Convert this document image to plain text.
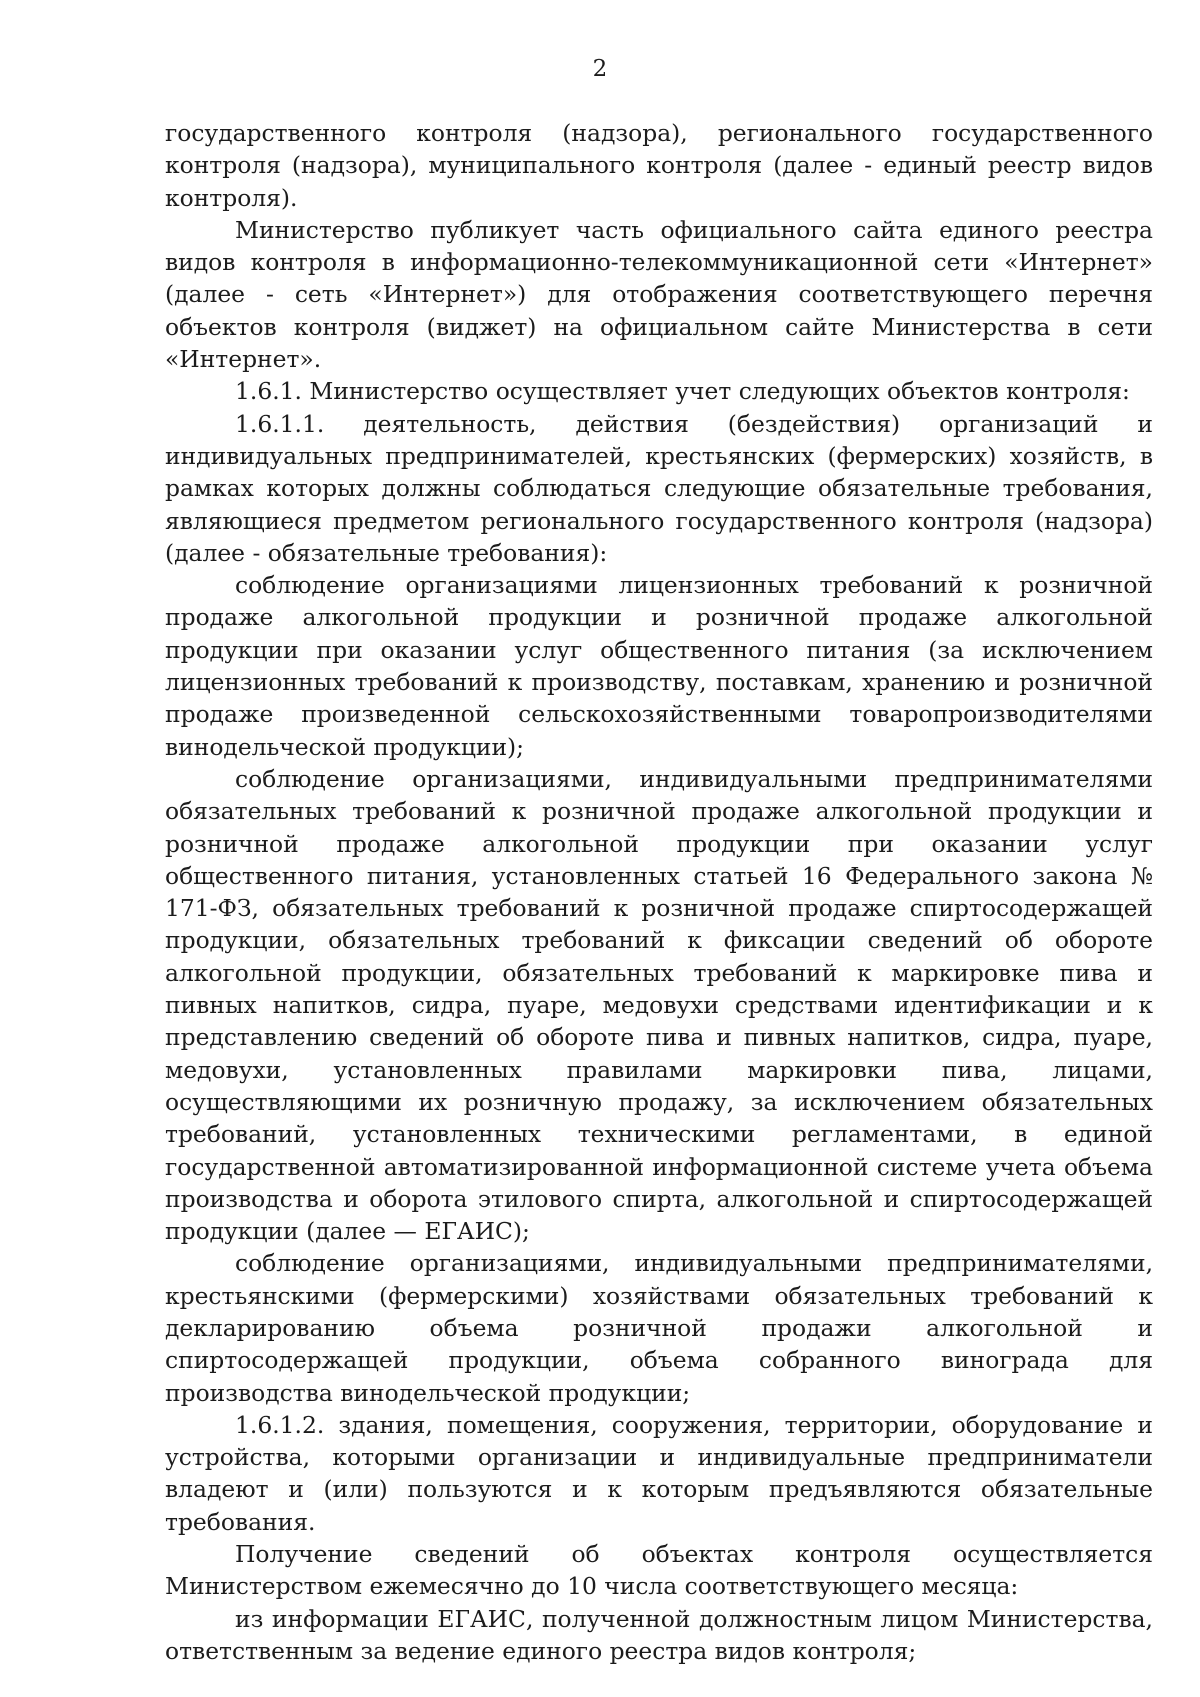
2

государственного контроля (надзора), регионального государственного контроля (надзора), муниципального контроля (далее - единый реестр видов контроля).

Министерство публикует часть официального сайта единого реестра видов контроля в информационно-телекоммуникационной сети «Интернет» (далее - сеть «Интернет») для отображения соответствующего перечня объектов контроля (виджет) на официальном сайте Министерства в сети «Интернет».

1.6.1. Министерство осуществляет учет следующих объектов контроля:

1.6.1.1. деятельность, действия (бездействия) организаций и индивидуальных предпринимателей, крестьянских (фермерских) хозяйств, в рамках которых должны соблюдаться следующие обязательные требования, являющиеся предметом регионального государственного контроля (надзора) (далее - обязательные требования):

соблюдение организациями лицензионных требований к розничной продаже алкогольной продукции и розничной продаже алкогольной продукции при оказании услуг общественного питания (за исключением лицензионных требований к производству, поставкам, хранению и розничной продаже произведенной сельскохозяйственными товаропроизводителями винодельческой продукции);

соблюдение организациями, индивидуальными предпринимателями обязательных требований к розничной продаже алкогольной продукции и розничной продаже алкогольной продукции при оказании услуг общественного питания, установленных статьей 16 Федерального закона № 171-ФЗ, обязательных требований к розничной продаже спиртосодержащей продукции, обязательных требований к фиксации сведений об обороте алкогольной продукции, обязательных требований к маркировке пива и пивных напитков, сидра, пуаре, медовухи средствами идентификации и к представлению сведений об обороте пива и пивных напитков, сидра, пуаре, медовухи, установленных правилами маркировки пива, лицами, осуществляющими их розничную продажу, за исключением обязательных требований, установленных техническими регламентами, в единой государственной автоматизированной информационной системе учета объема производства и оборота этилового спирта, алкогольной и спиртосодержащей продукции (далее — ЕГАИС);

соблюдение организациями, индивидуальными предпринимателями, крестьянскими (фермерскими) хозяйствами обязательных требований к декларированию объема розничной продажи алкогольной и спиртосодержащей продукции, объема собранного винограда для производства винодельческой продукции;

1.6.1.2. здания, помещения, сооружения, территории, оборудование и устройства, которыми организации и индивидуальные предприниматели владеют и (или) пользуются и к которым предъявляются обязательные требования.

Получение сведений об объектах контроля осуществляется Министерством ежемесячно до 10 числа соответствующего месяца:

из информации ЕГАИС, полученной должностным лицом Министерства, ответственным за ведение единого реестра видов контроля;
